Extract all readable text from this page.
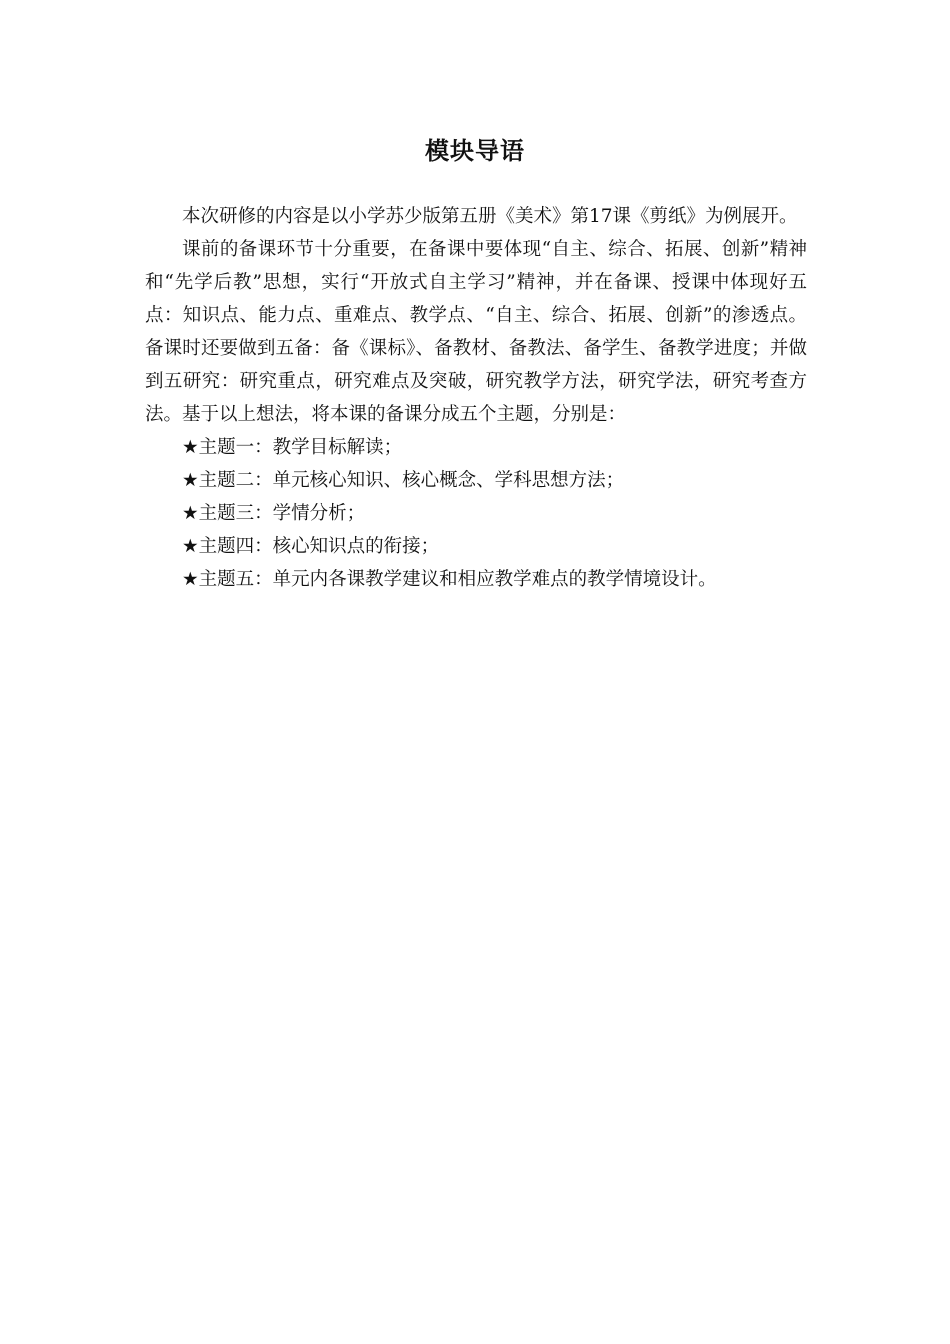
模块导语

本次研修的内容是以小学苏少版第五册《美术》第17课《剪纸》为例展开。

课前的备课环节十分重要，在备课中要体现“自主、综合、拓展、创新”精神和“先学后教”思想，实行“开放式自主学习”精神，并在备课、授课中体现好五点：知识点、能力点、重难点、教学点、“自主、综合、拓展、创新”的渗透点。备课时还要做到五备：备《课标》、备教材、备教法、备学生、备教学进度；并做到五研究：研究重点，研究难点及突破，研究教学方法，研究学法，研究考查方法。基于以上想法，将本课的备课分成五个主题，分别是：

★主题一：教学目标解读；
★主题二：单元核心知识、核心概念、学科思想方法；
★主题三：学情分析；
★主题四：核心知识点的衔接；
★主题五：单元内各课教学建议和相应教学难点的教学情境设计。
